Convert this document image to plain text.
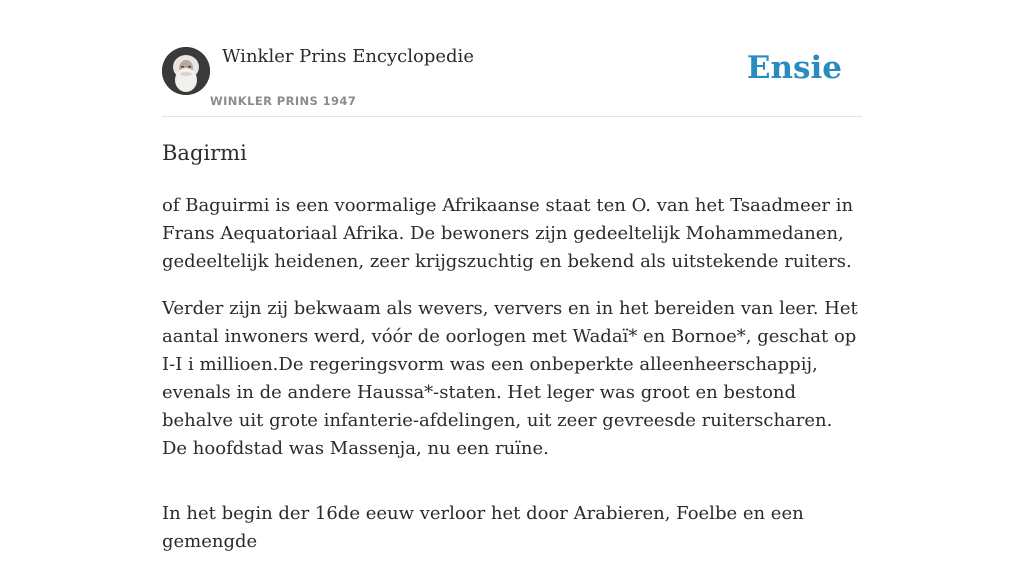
Winkler Prins Encyclopedie
WINKLER PRINS 1947
Ensie
Bagirmi

of Baguirmi is een voormalige Afrikaanse staat ten O. van het Tsaadmeer in Frans Aequatoriaal Afrika. De bewoners zijn gedeeltelijk Mohammedanen, gedeeltelijk heidenen, zeer krijgszuchtig en bekend als uitstekende ruiters.

Verder zijn zij bekwaam als wevers, ververs en in het bereiden van leer. Het aantal inwoners werd, vóór de oorlogen met Wadaï* en Bornoe*, geschat op I-I i millioen.De regeringsvorm was een onbeperkte alleenheerschappij, evenals in de andere Haussa*-staten. Het leger was groot en bestond behalve uit grote infanterie-afdelingen, uit zeer gevreesde ruiterscharen. De hoofdstad was Massenja, nu een ruïne.

In het begin der 16de eeuw verloor het door Arabieren, Foelbe en een gemengde
